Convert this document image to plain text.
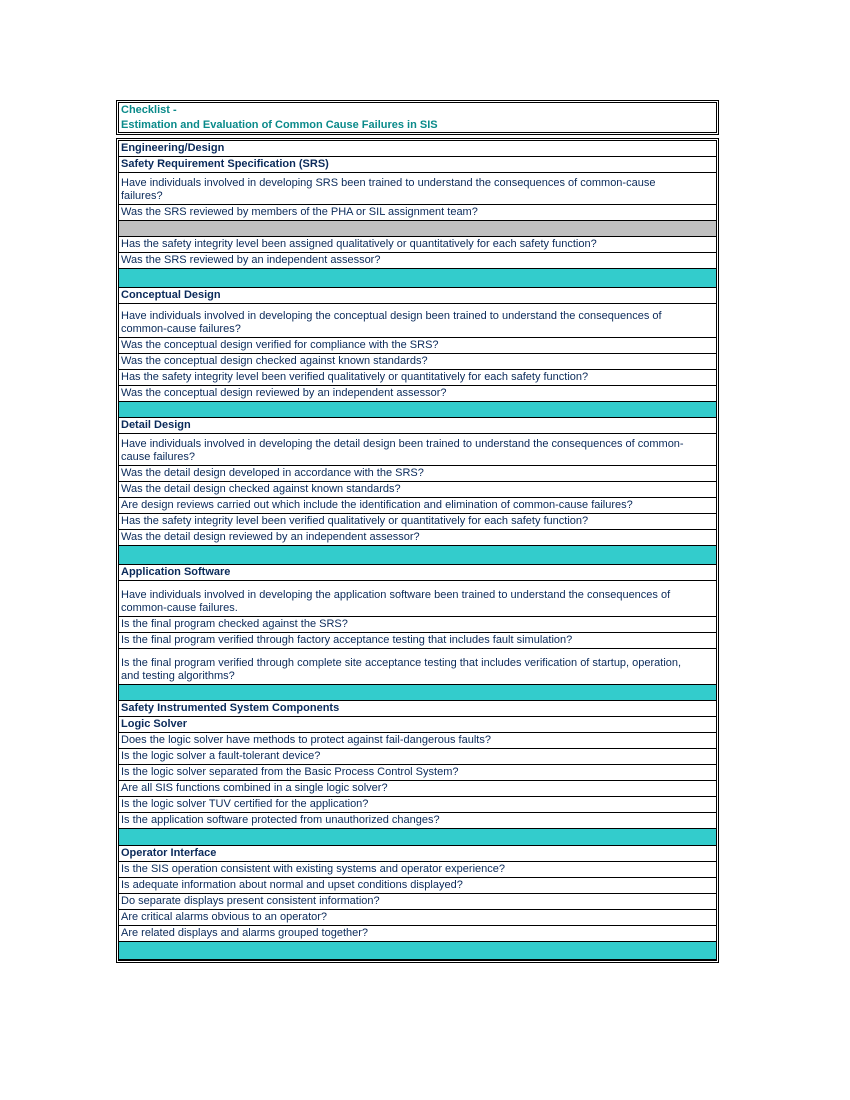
Checklist -
Estimation and Evaluation of Common Cause Failures in SIS
Engineering/Design
Safety Requirement Specification (SRS)
Have individuals involved in developing SRS been trained to understand the consequences of common-cause failures?
Was the SRS reviewed by members of the PHA or SIL assignment team?
Has the safety integrity level been assigned qualitatively or quantitatively for each safety function?
Was the SRS reviewed by an independent assessor?
Conceptual Design
Have individuals involved in developing the conceptual design been trained to understand the consequences of common-cause failures?
Was the conceptual design verified for compliance with the SRS?
Was the conceptual design checked against known standards?
Has the safety integrity level been verified qualitatively or quantitatively for each safety function?
Was the conceptual design reviewed by an independent assessor?
Detail Design
Have individuals involved in developing the detail design been trained to understand the consequences of common-cause failures?
Was the detail design developed in accordance with the SRS?
Was the detail design checked against known standards?
Are design reviews carried out which include the identification and elimination of common-cause failures?
Has the safety integrity level been verified qualitatively or quantitatively for each safety function?
Was the detail design reviewed by an independent assessor?
Application Software
Have individuals involved in developing the application software been trained to understand the consequences of common-cause failures.
Is the final program checked against the SRS?
Is the final program verified through factory acceptance testing that includes fault simulation?
Is the final program verified through complete site acceptance testing that includes verification of startup, operation, and testing algorithms?
Safety Instrumented System Components
Logic Solver
Does the logic solver have methods to protect against fail-dangerous faults?
Is the logic solver a fault-tolerant device?
Is the logic solver separated from the Basic Process Control System?
Are all SIS functions combined in a single logic solver?
Is the logic solver TUV certified for the application?
Is the application software protected from unauthorized changes?
Operator Interface
Is the SIS operation consistent with existing systems and operator experience?
Is adequate information about normal and upset conditions displayed?
Do separate displays present consistent information?
Are critical alarms obvious to an operator?
Are related displays and alarms grouped together?
